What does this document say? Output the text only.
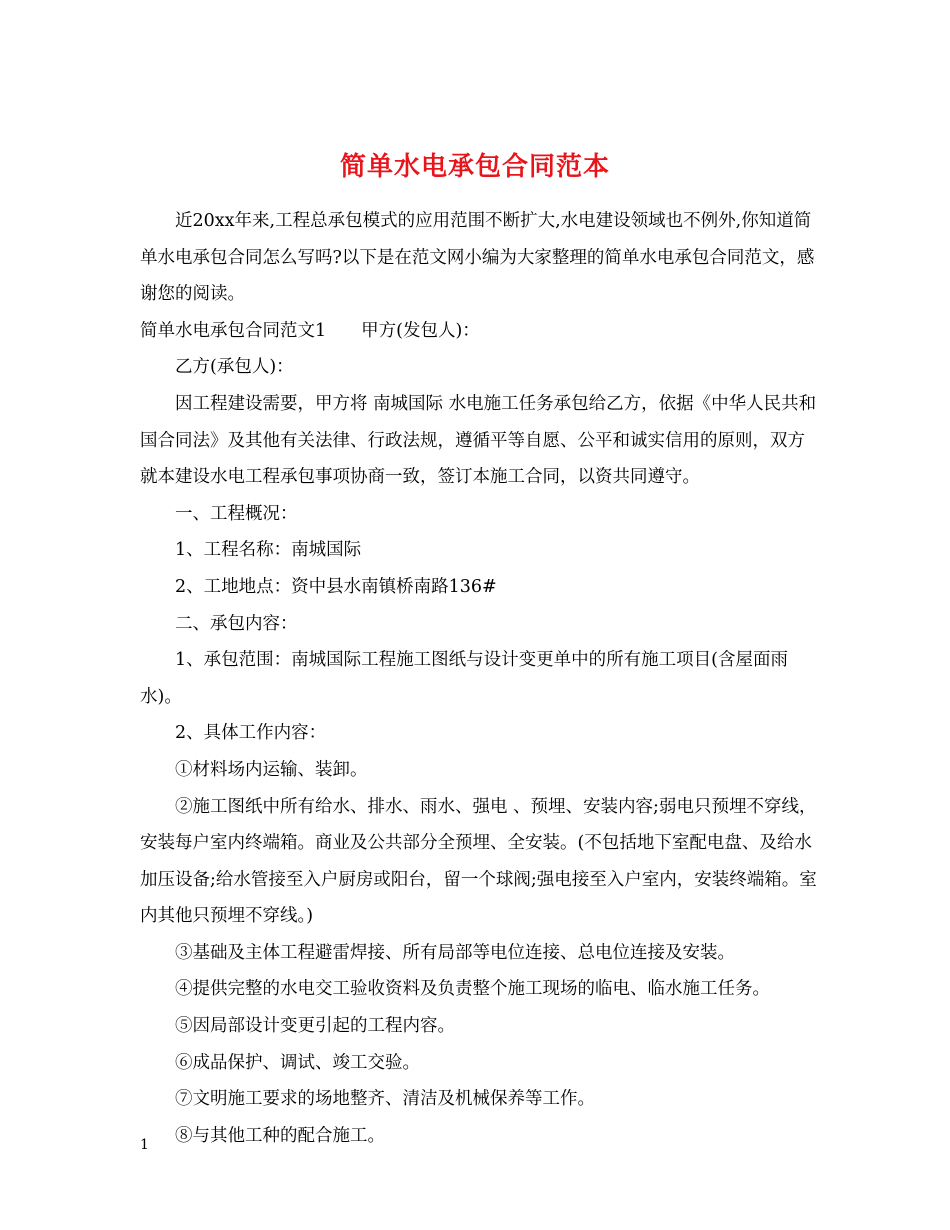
简单水电承包合同范本

近20xx年来,工程总承包模式的应用范围不断扩大,水电建设领域也不例外,你知道简单水电承包合同怎么写吗?以下是在范文网小编为大家整理的简单水电承包合同范文，感谢您的阅读。

简单水电承包合同范文1　　甲方(发包人)：

乙方(承包人)：

因工程建设需要，甲方将 南城国际 水电施工任务承包给乙方，依据《中华人民共和国合同法》及其他有关法律、行政法规，遵循平等自愿、公平和诚实信用的原则，双方就本建设水电工程承包事项协商一致，签订本施工合同，以资共同遵守。

一、工程概况：

1、工程名称：南城国际

2、工地地点：资中县水南镇桥南路136#

二、承包内容：

1、承包范围：南城国际工程施工图纸与设计变更单中的所有施工项目(含屋面雨水)。

2、具体工作内容：

①材料场内运输、装卸。

②施工图纸中所有给水、排水、雨水、强电 、预埋、安装内容;弱电只预埋不穿线，安装每户室内终端箱。商业及公共部分全预埋、全安装。(不包括地下室配电盘、及给水加压设备;给水管接至入户厨房或阳台，留一个球阀;强电接至入户室内，安装终端箱。室内其他只预埋不穿线。)

③基础及主体工程避雷焊接、所有局部等电位连接、总电位连接及安装。

④提供完整的水电交工验收资料及负责整个施工现场的临电、临水施工任务。

⑤因局部设计变更引起的工程内容。

⑥成品保护、调试、竣工交验。

⑦文明施工要求的场地整齐、清洁及机械保养等工作。

⑧与其他工种的配合施工。

1
